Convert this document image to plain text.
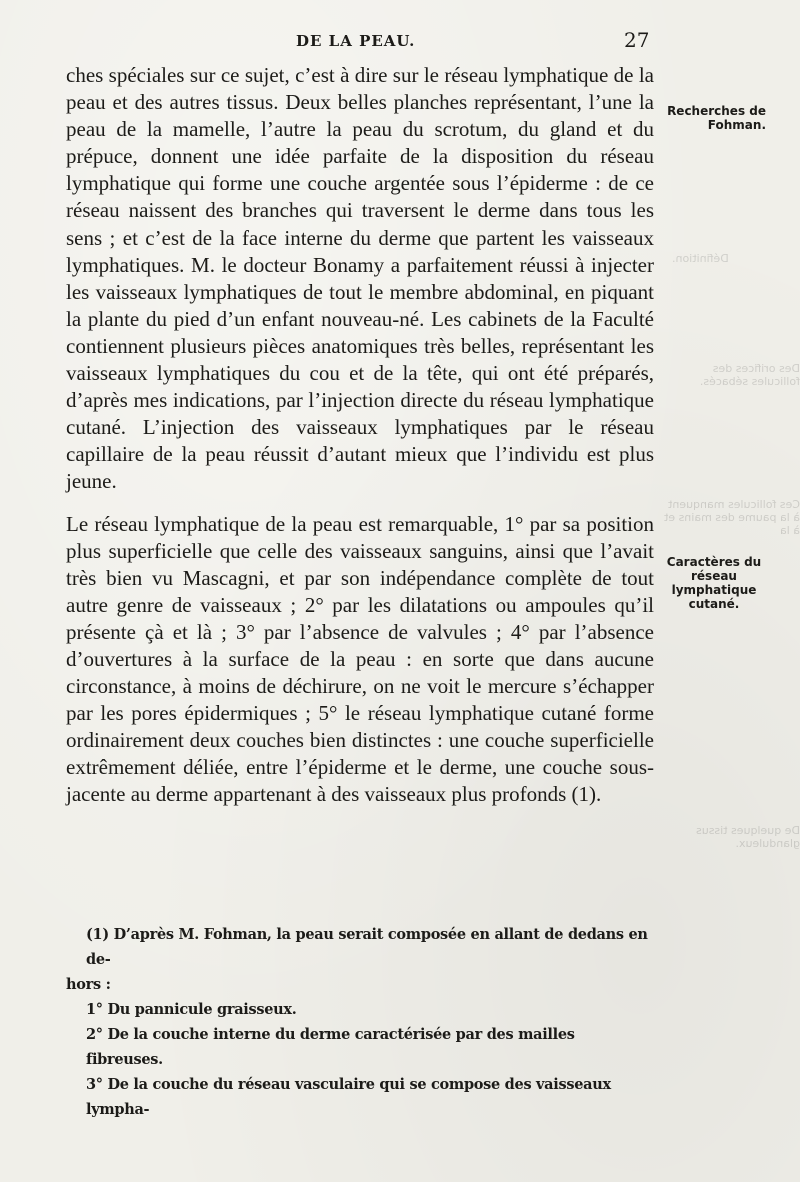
Définition.
Des orifices des follicules sébacés.
Ces follicules manquent à la paume des mains et à la
De quelques tissus glanduleux.
DE LA PEAU.	27

ches spéciales sur ce sujet, c’est à dire sur le réseau lymphatique de la peau et des autres tissus. Deux belles planches représentant, l’une la peau de la mamelle, l’autre la peau du scrotum, du gland et du prépuce, donnent une idée parfaite de la disposition du réseau lymphatique qui forme une couche argentée sous l’épiderme : de ce réseau naissent des branches qui traversent le derme dans tous les sens ; et c’est de la face interne du derme que partent les vaisseaux lymphatiques. M. le docteur Bonamy a parfaitement réussi à injecter les vaisseaux lymphatiques de tout le membre abdominal, en piquant la plante du pied d’un enfant nouveau-né. Les cabinets de la Faculté contiennent plusieurs pièces anatomiques très belles, représentant les vaisseaux lymphatiques du cou et de la tête, qui ont été préparés, d’après mes indications, par l’injection directe du réseau lymphatique cutané. L’injection des vaisseaux lymphatiques par le réseau capillaire de la peau réussit d’autant mieux que l’individu est plus jeune.

Le réseau lymphatique de la peau est remarquable, 1° par sa position plus superficielle que celle des vaisseaux sanguins, ainsi que l’avait très bien vu Mascagni, et par son indépendance complète de tout autre genre de vaisseaux ; 2° par les dilatations ou ampoules qu’il présente çà et là ; 3° par l’absence de valvules ; 4° par l’absence d’ouvertures à la surface de la peau : en sorte que dans aucune circonstance, à moins de déchirure, on ne voit le mercure s’échapper par les pores épidermiques ; 5° le réseau lymphatique cutané forme ordinairement deux couches bien distinctes : une couche superficielle extrêmement déliée, entre l’épiderme et le derme, une couche sous-jacente au derme appartenant à des vaisseaux plus profonds (1).

Recherches de Fohman.
Caractères du réseau lymphatique cutané.

(1) D’après M. Fohman, la peau serait composée en allant de dedans en de-

hors :

1° Du pannicule graisseux.

2° De la couche interne du derme caractérisée par des mailles fibreuses.

3° De la couche du réseau vasculaire qui se compose des vaisseaux lympha-
